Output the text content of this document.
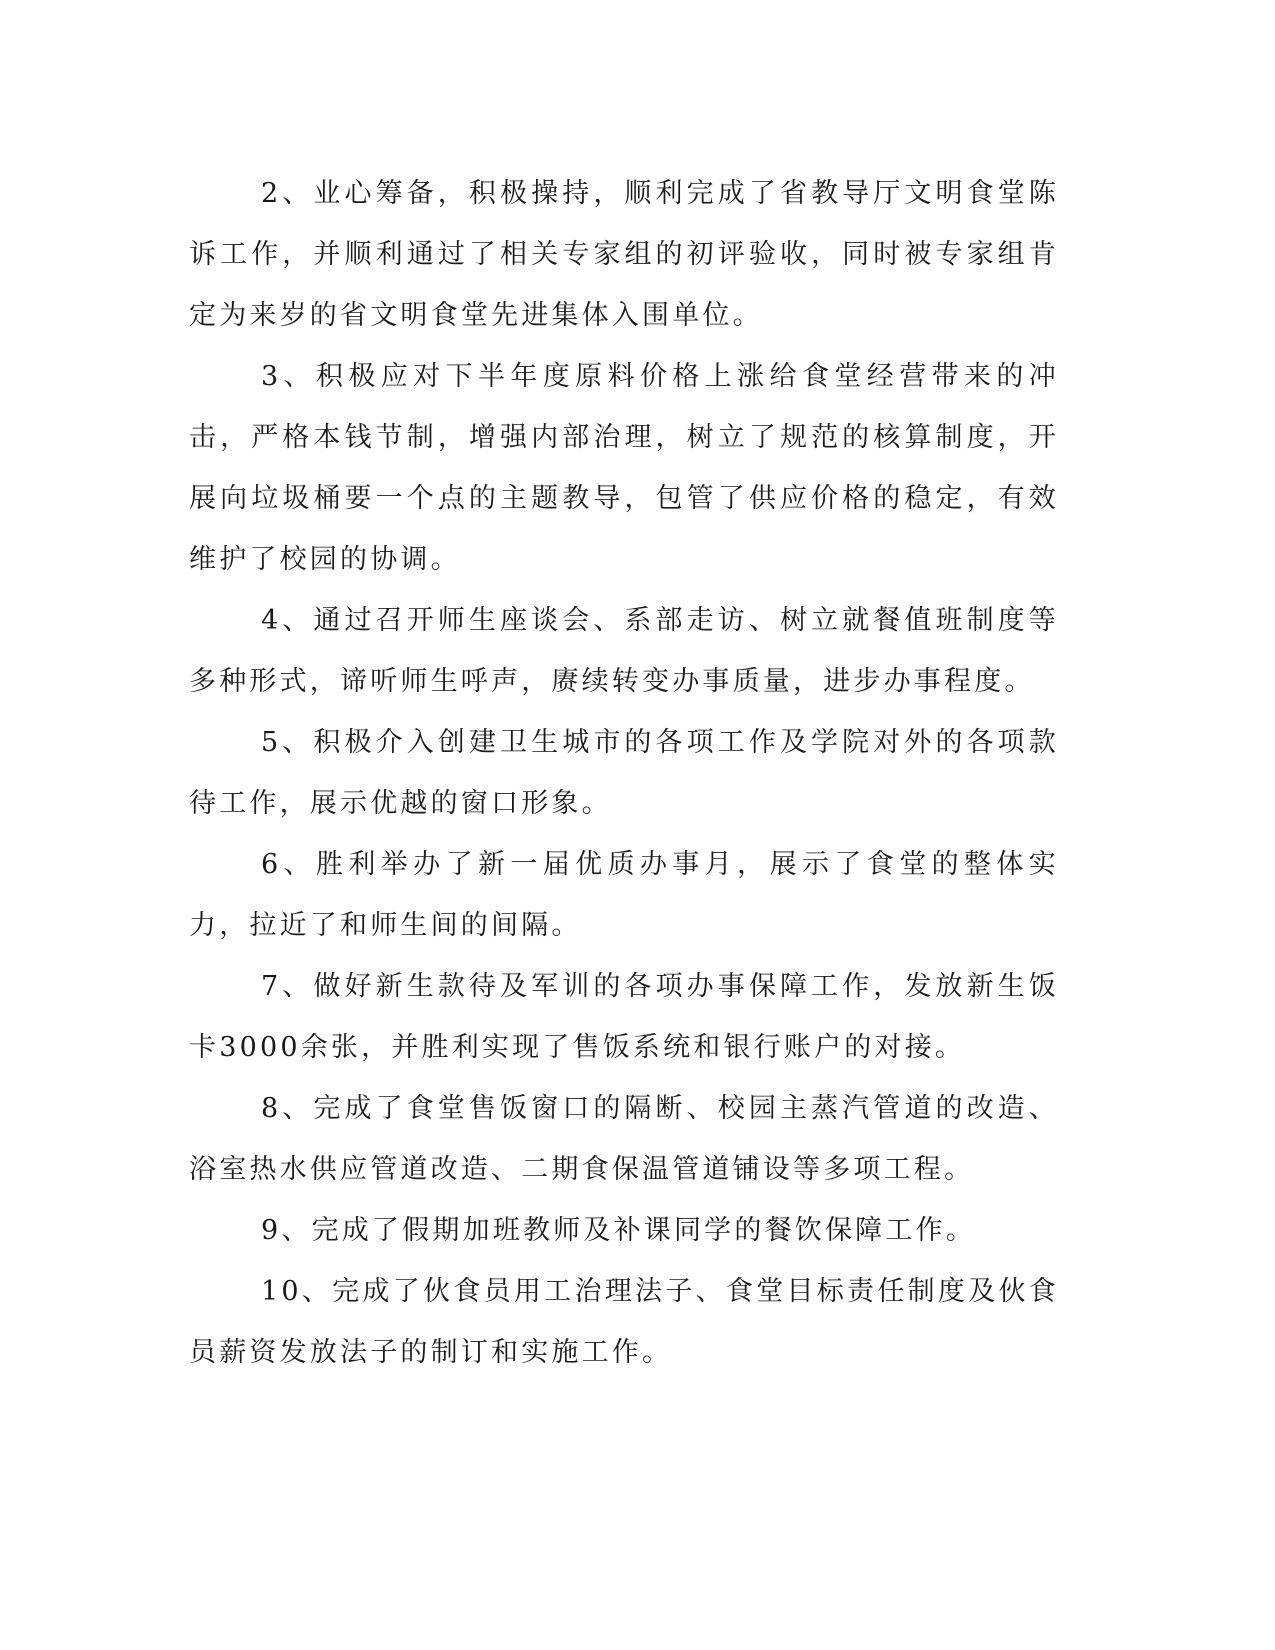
2、业心筹备，积极操持，顺利完成了省教导厅文明食堂陈诉工作，并顺利通过了相关专家组的初评验收，同时被专家组肯定为来岁的省文明食堂先进集体入围单位。

3、积极应对下半年度原料价格上涨给食堂经营带来的冲击，严格本钱节制，增强内部治理，树立了规范的核算制度，开展向垃圾桶要一个点的主题教导，包管了供应价格的稳定，有效维护了校园的协调。

4、通过召开师生座谈会、系部走访、树立就餐值班制度等多种形式，谛听师生呼声，赓续转变办事质量，进步办事程度。

5、积极介入创建卫生城市的各项工作及学院对外的各项款待工作，展示优越的窗口形象。

6、胜利举办了新一届优质办事月，展示了食堂的整体实力，拉近了和师生间的间隔。

7、做好新生款待及军训的各项办事保障工作，发放新生饭卡3000余张，并胜利实现了售饭系统和银行账户的对接。

8、完成了食堂售饭窗口的隔断、校园主蒸汽管道的改造、浴室热水供应管道改造、二期食保温管道铺设等多项工程。

9、完成了假期加班教师及补课同学的餐饮保障工作。

10、完成了伙食员用工治理法子、食堂目标责任制度及伙食员薪资发放法子的制订和实施工作。
